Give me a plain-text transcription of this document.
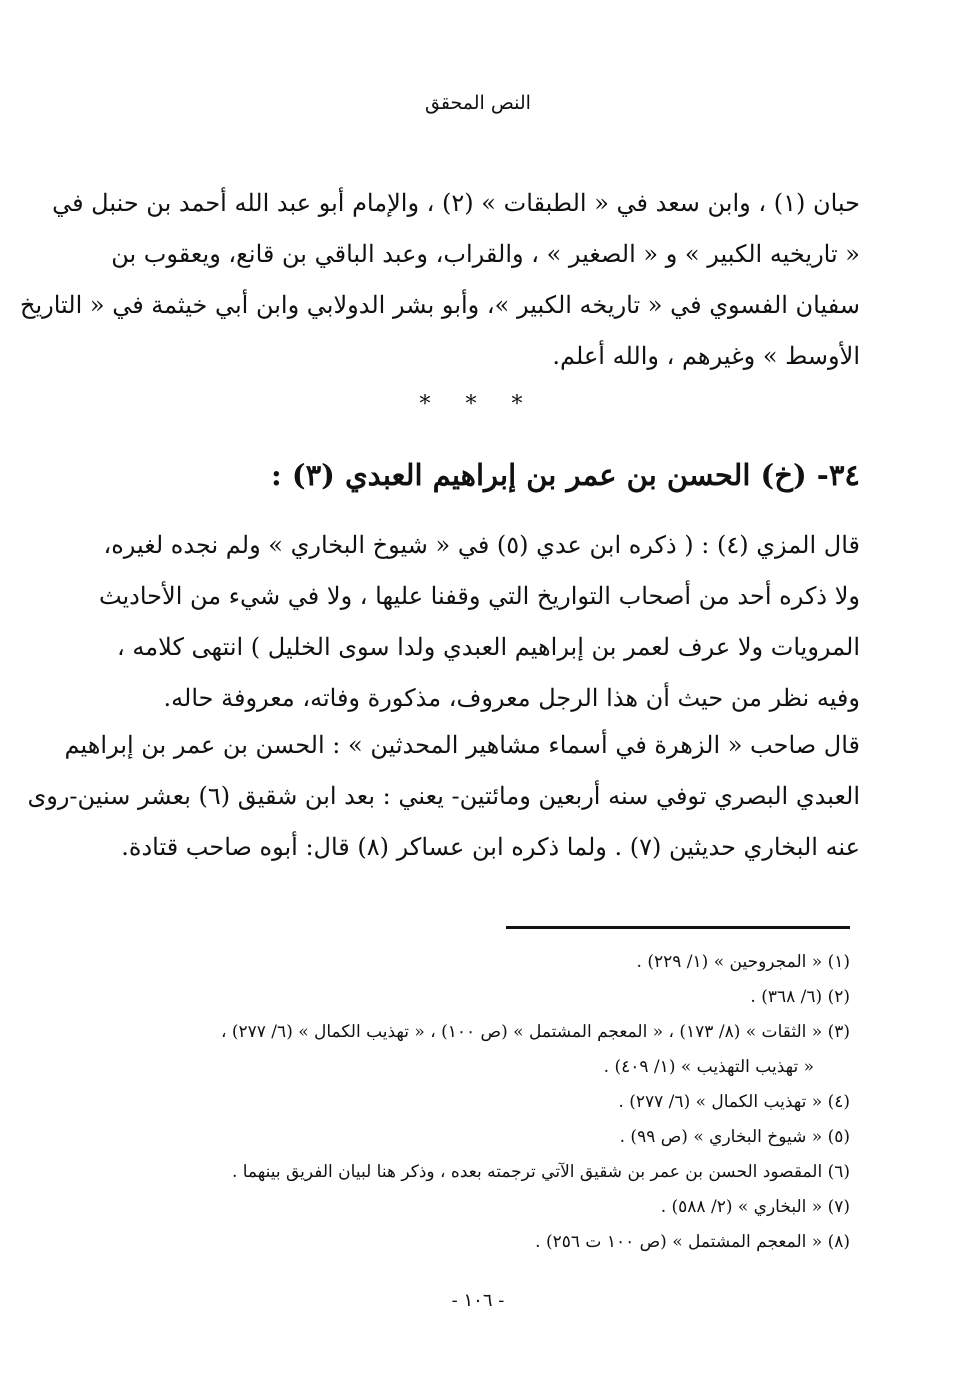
النص المحقق
حبان (١) ، وابن سعد في « الطبقات » (٢) ، والإمام أبو عبد الله أحمد بن حنبل في
« تاريخيه الكبير » و « الصغير » ، والقراب، وعبد الباقي بن قانع، ويعقوب بن
سفيان الفسوي في « تاريخه الكبير »، وأبو بشر الدولابي وابن أبي خيثمة في « التاريخ
الأوسط » وغيرهم ، والله أعلم.
* * *
٣٤- (خ) الحسن بن عمر بن إبراهيم العبدي (٣) :
قال المزي (٤) : ( ذكره ابن عدي (٥) في « شيوخ البخاري » ولم نجده لغيره،
ولا ذكره أحد من أصحاب التواريخ التي وقفنا عليها ، ولا في شيء من الأحاديث
المرويات ولا عرف لعمر بن إبراهيم العبدي ولدا سوى الخليل ) انتهى كلامه ،
وفيه نظر من حيث أن هذا الرجل معروف، مذكورة وفاته، معروفة حاله.
قال صاحب « الزهرة في أسماء مشاهير المحدثين » : الحسن بن عمر بن إبراهيم
العبدي البصري توفي سنه أربعين ومائتين- يعني : بعد ابن شقيق (٦) بعشر سنين-روى
عنه البخاري حديثين (٧) . ولما ذكره ابن عساكر (٨) قال: أبوه صاحب قتادة.
(١) « المجروحين » (١/ ٢٢٩) .
(٢) (٦/ ٣٦٨) .
(٣) « الثقات » (٨/ ١٧٣) ، « المعجم المشتمل » (ص ١٠٠) ، « تهذيب الكمال » (٦/ ٢٧٧) ،
« تهذيب التهذيب » (١/ ٤٠٩) .
(٤) « تهذيب الكمال » (٦/ ٢٧٧) .
(٥) « شيوخ البخاري » (ص ٩٩) .
(٦) المقصود الحسن بن عمر بن شقيق الآتي ترجمته بعده ، وذكر هنا لبيان الفريق بينهما .
(٧) « البخاري » (٢/ ٥٨٨) .
(٨) « المعجم المشتمل » (ص ١٠٠ ت ٢٥٦) .
- ١٠٦ -
